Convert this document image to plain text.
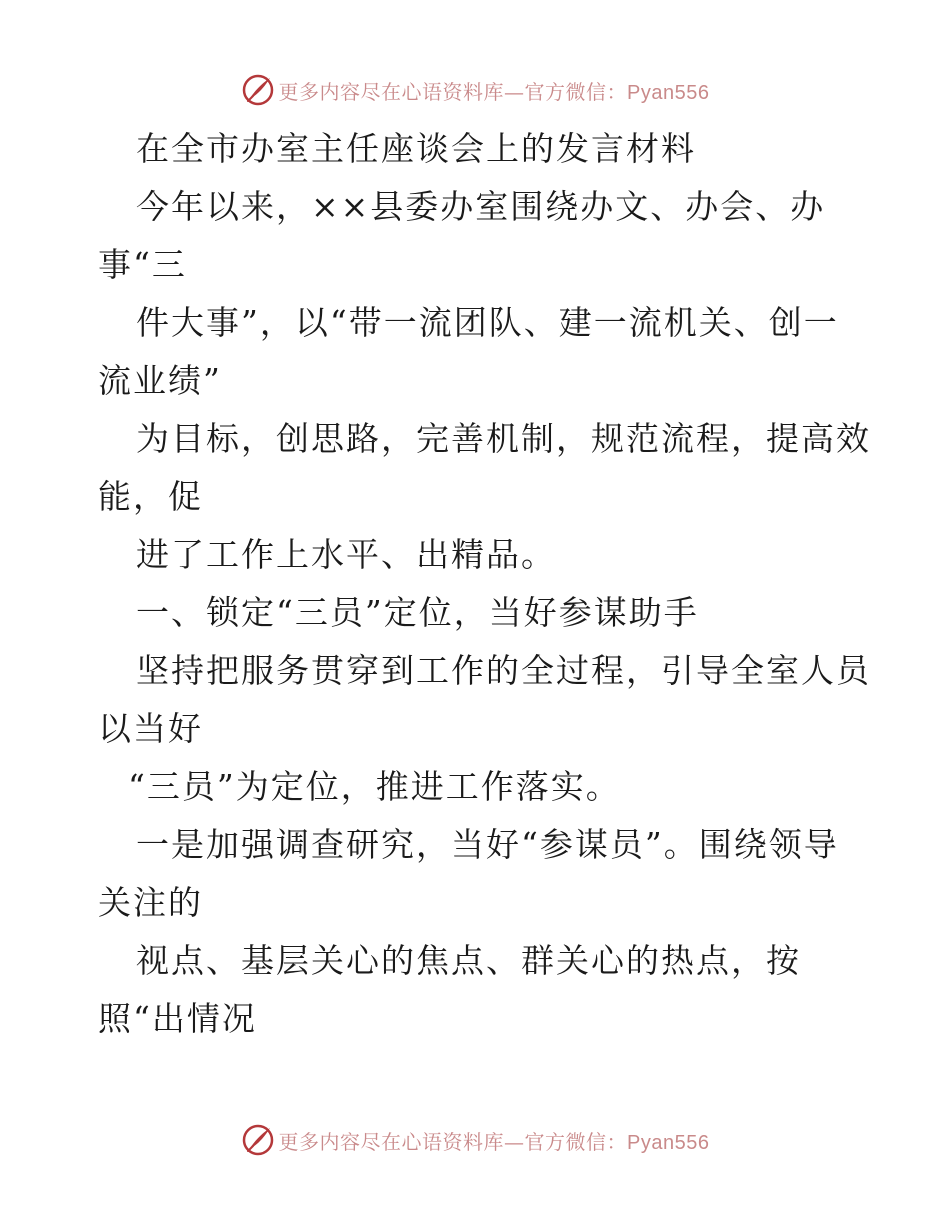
更多内容尽在心语资料库—官方微信：Pyan556
在全市办室主任座谈会上的发言材料
今年以来，××县委办室围绕办文、办会、办
事“三
件大事”，以“带一流团队、建一流机关、创一
流业绩”
为目标，创思路，完善机制，规范流程，提高效
能，促
进了工作上水平、出精品。
一、锁定“三员”定位，当好参谋助手
坚持把服务贯穿到工作的全过程，引导全室人员
以当好
“三员”为定位，推进工作落实。
一是加强调查研究，当好“参谋员”。围绕领导
关注的
视点、基层关心的焦点、群关心的热点，按
照“出情况
更多内容尽在心语资料库—官方微信：Pyan556
